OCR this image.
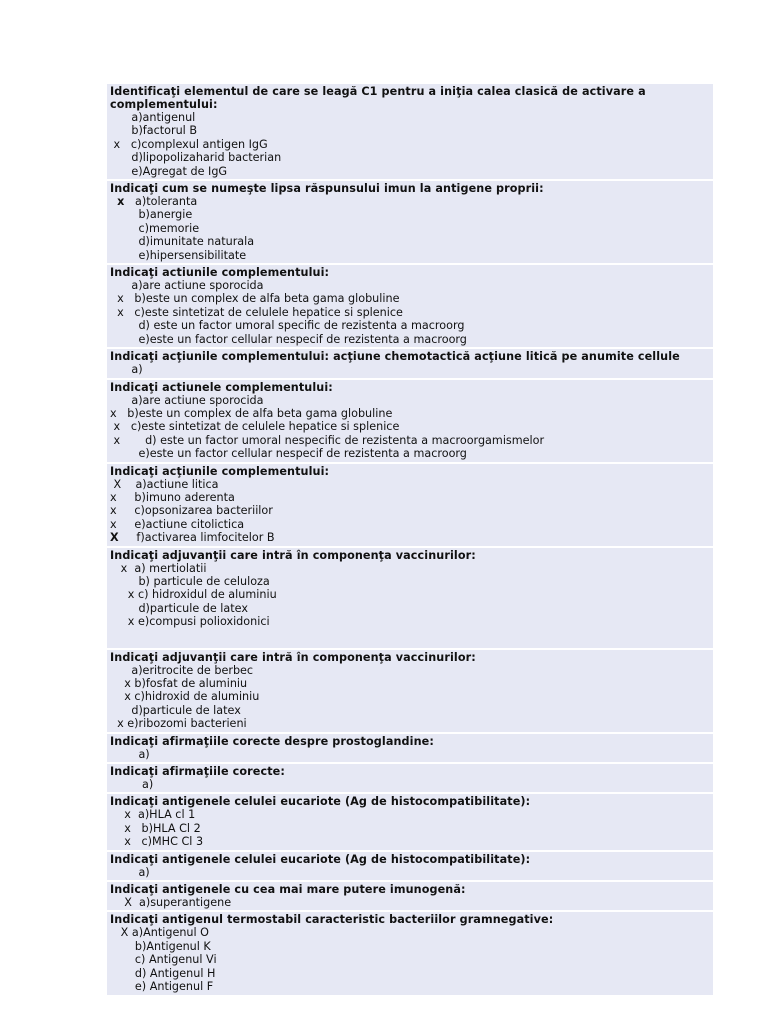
Identificaţi elementul de care se leagă C1 pentru a iniţia calea clasică de activare a complementului:
a)antigenul
b)factorul B
x   c)complexul antigen IgG
d)lipopolizaharid bacterian
e)Agregat de IgG
Indicaţi cum se numeşte lipsa răspunsului imun la antigene proprii:
x   a)toleranta
b)anergie
c)memorie
d)imunitate naturala
e)hipersensibilitate
Indicaţi actiunile complementului:
a)are actiune sporocida
x   b)este un complex de alfa beta gama globuline
x   c)este sintetizat de celulele hepatice si splenice
d) este un factor umoral specific de rezistenta a macroorg
e)este un factor cellular nespecif de rezistenta a macroorg
Indicaţi acţiunile complementului: acţiune chemotactică acţiune litică pe anumite cellule
a)
Indicaţi actiunele complementului:
a)are actiune sporocida
x   b)este un complex de alfa beta gama globuline
x   c)este sintetizat de celulele hepatice si splenice
x       d) este un factor umoral nespecific de rezistenta a macroorgamismelor
e)este un factor cellular nespecif de rezistenta a macroorg
Indicaţi acţiunile complementului:
X    a)actiune litica
x     b)imuno aderenta
x     c)opsonizarea bacteriilor
x     e)actiune citolictica
X     f)activarea limfocitelor B
Indicaţi adjuvanţii care intră în componenţa vaccinurilor:
x  a) mertiolatii
b) particule de celuloza
x c) hidroxidul de aluminiu
d)particule de latex
x e)compusi polioxidonici
Indicaţi adjuvanţii care intră în componenţa vaccinurilor:
a)eritrocite de berbec
x b)fosfat de aluminiu
x c)hidroxid de aluminiu
d)particule de latex
x e)ribozomi bacterieni
Indicaţi afirmaţiile corecte despre prostoglandine:
a)
Indicaţi afirmaţiile corecte:
a)
Indicaţi antigenele celulei eucariote (Ag de histocompatibilitate):
x  a)HLA cl 1
x   b)HLA Cl 2
x   c)MHC Cl 3
Indicaţi antigenele celulei eucariote (Ag de histocompatibilitate):
a)
Indicaţi antigenele cu cea mai mare putere imunogenă:
X  a)superantigene
Indicaţi antigenul termostabil caracteristic bacteriilor gramnegative:
X a)Antigenul O
b)Antigenul K
c) Antigenul Vi
d) Antigenul H
e) Antigenul F
